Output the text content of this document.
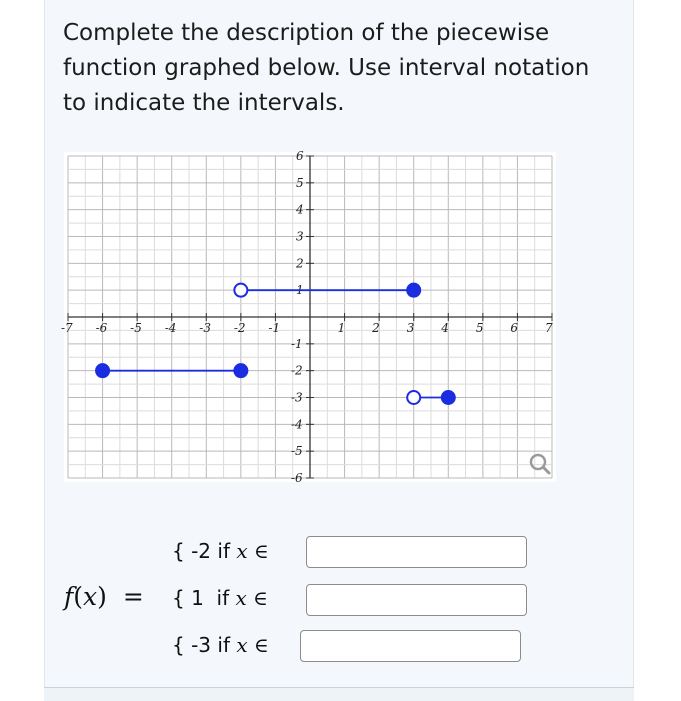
Complete the description of the piecewise
function graphed below. Use interval notation
to indicate the intervals.
-7 -6 -5 -4 -3 -2 -1	1 2 3 4 5 6 7
6
5
4
3
2
1
-1
-2
-3
-4
-5
-6
f(x) =
{ -2 if x ∈
{ 1 if x ∈
{ -3 if x ∈
